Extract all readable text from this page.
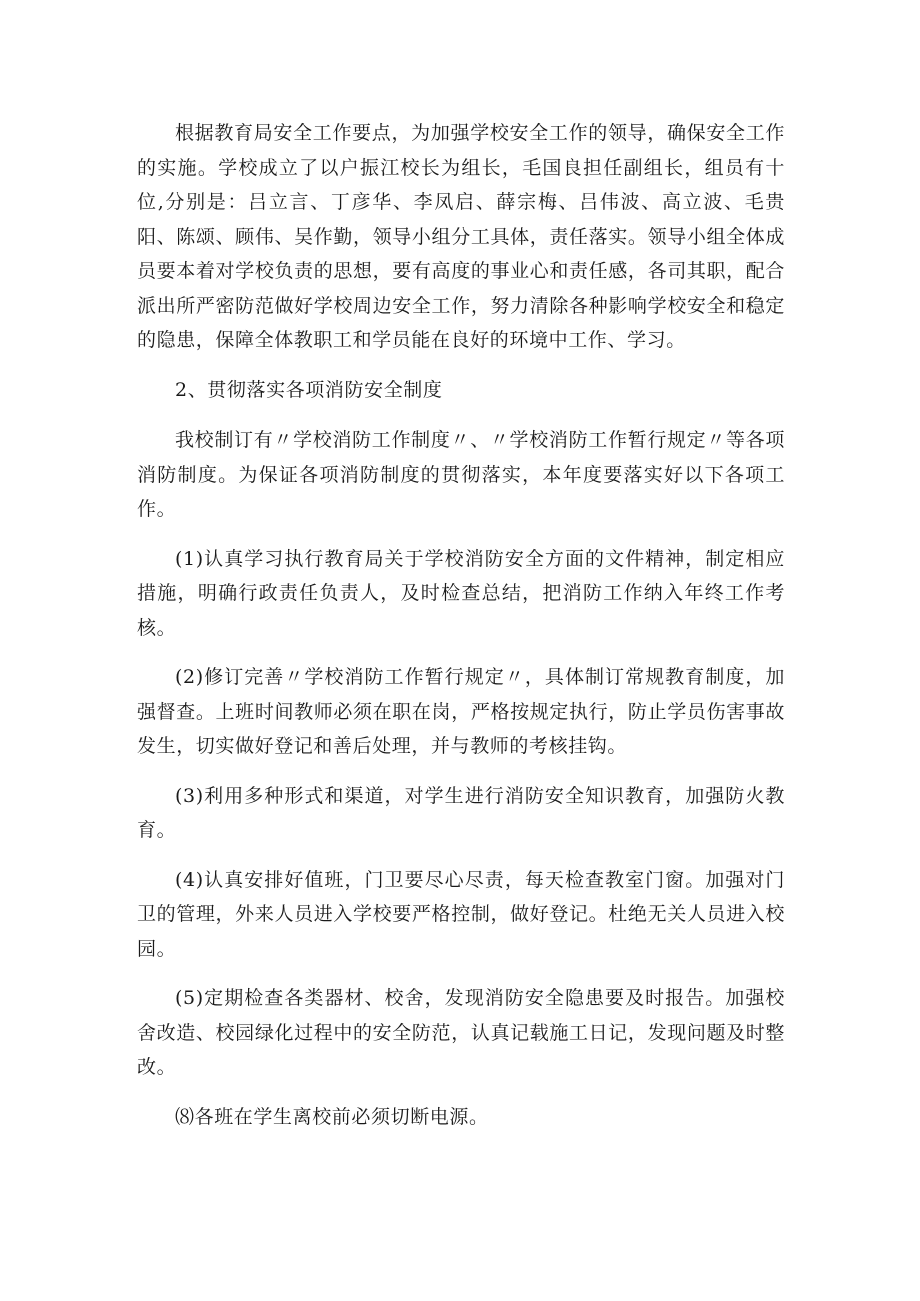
根据教育局安全工作要点，为加强学校安全工作的领导，确保安全工作的实施。学校成立了以户振江校长为组长，毛国良担任副组长，组员有十位,分别是：吕立言、丁彦华、李凤启、薛宗梅、吕伟波、高立波、毛贵阳、陈颂、顾伟、吴作勤，领导小组分工具体，责任落实。领导小组全体成员要本着对学校负责的思想，要有高度的事业心和责任感，各司其职，配合派出所严密防范做好学校周边安全工作，努力清除各种影响学校安全和稳定的隐患，保障全体教职工和学员能在良好的环境中工作、学习。

2、贯彻落实各项消防安全制度

我校制订有〃学校消防工作制度〃、〃学校消防工作暂行规定〃等各项消防制度。为保证各项消防制度的贯彻落实，本年度要落实好以下各项工作。

(1)认真学习执行教育局关于学校消防安全方面的文件精神，制定相应措施，明确行政责任负责人，及时检查总结，把消防工作纳入年终工作考核。

(2)修订完善〃学校消防工作暂行规定〃，具体制订常规教育制度，加强督查。上班时间教师必须在职在岗，严格按规定执行，防止学员伤害事故发生，切实做好登记和善后处理，并与教师的考核挂钩。

(3)利用多种形式和渠道，对学生进行消防安全知识教育，加强防火教育。

(4)认真安排好值班，门卫要尽心尽责，每天检查教室门窗。加强对门卫的管理，外来人员进入学校要严格控制，做好登记。杜绝无关人员进入校园。

(5)定期检查各类器材、校舍，发现消防安全隐患要及时报告。加强校舍改造、校园绿化过程中的安全防范，认真记载施工日记，发现问题及时整改。

⑻各班在学生离校前必须切断电源。
